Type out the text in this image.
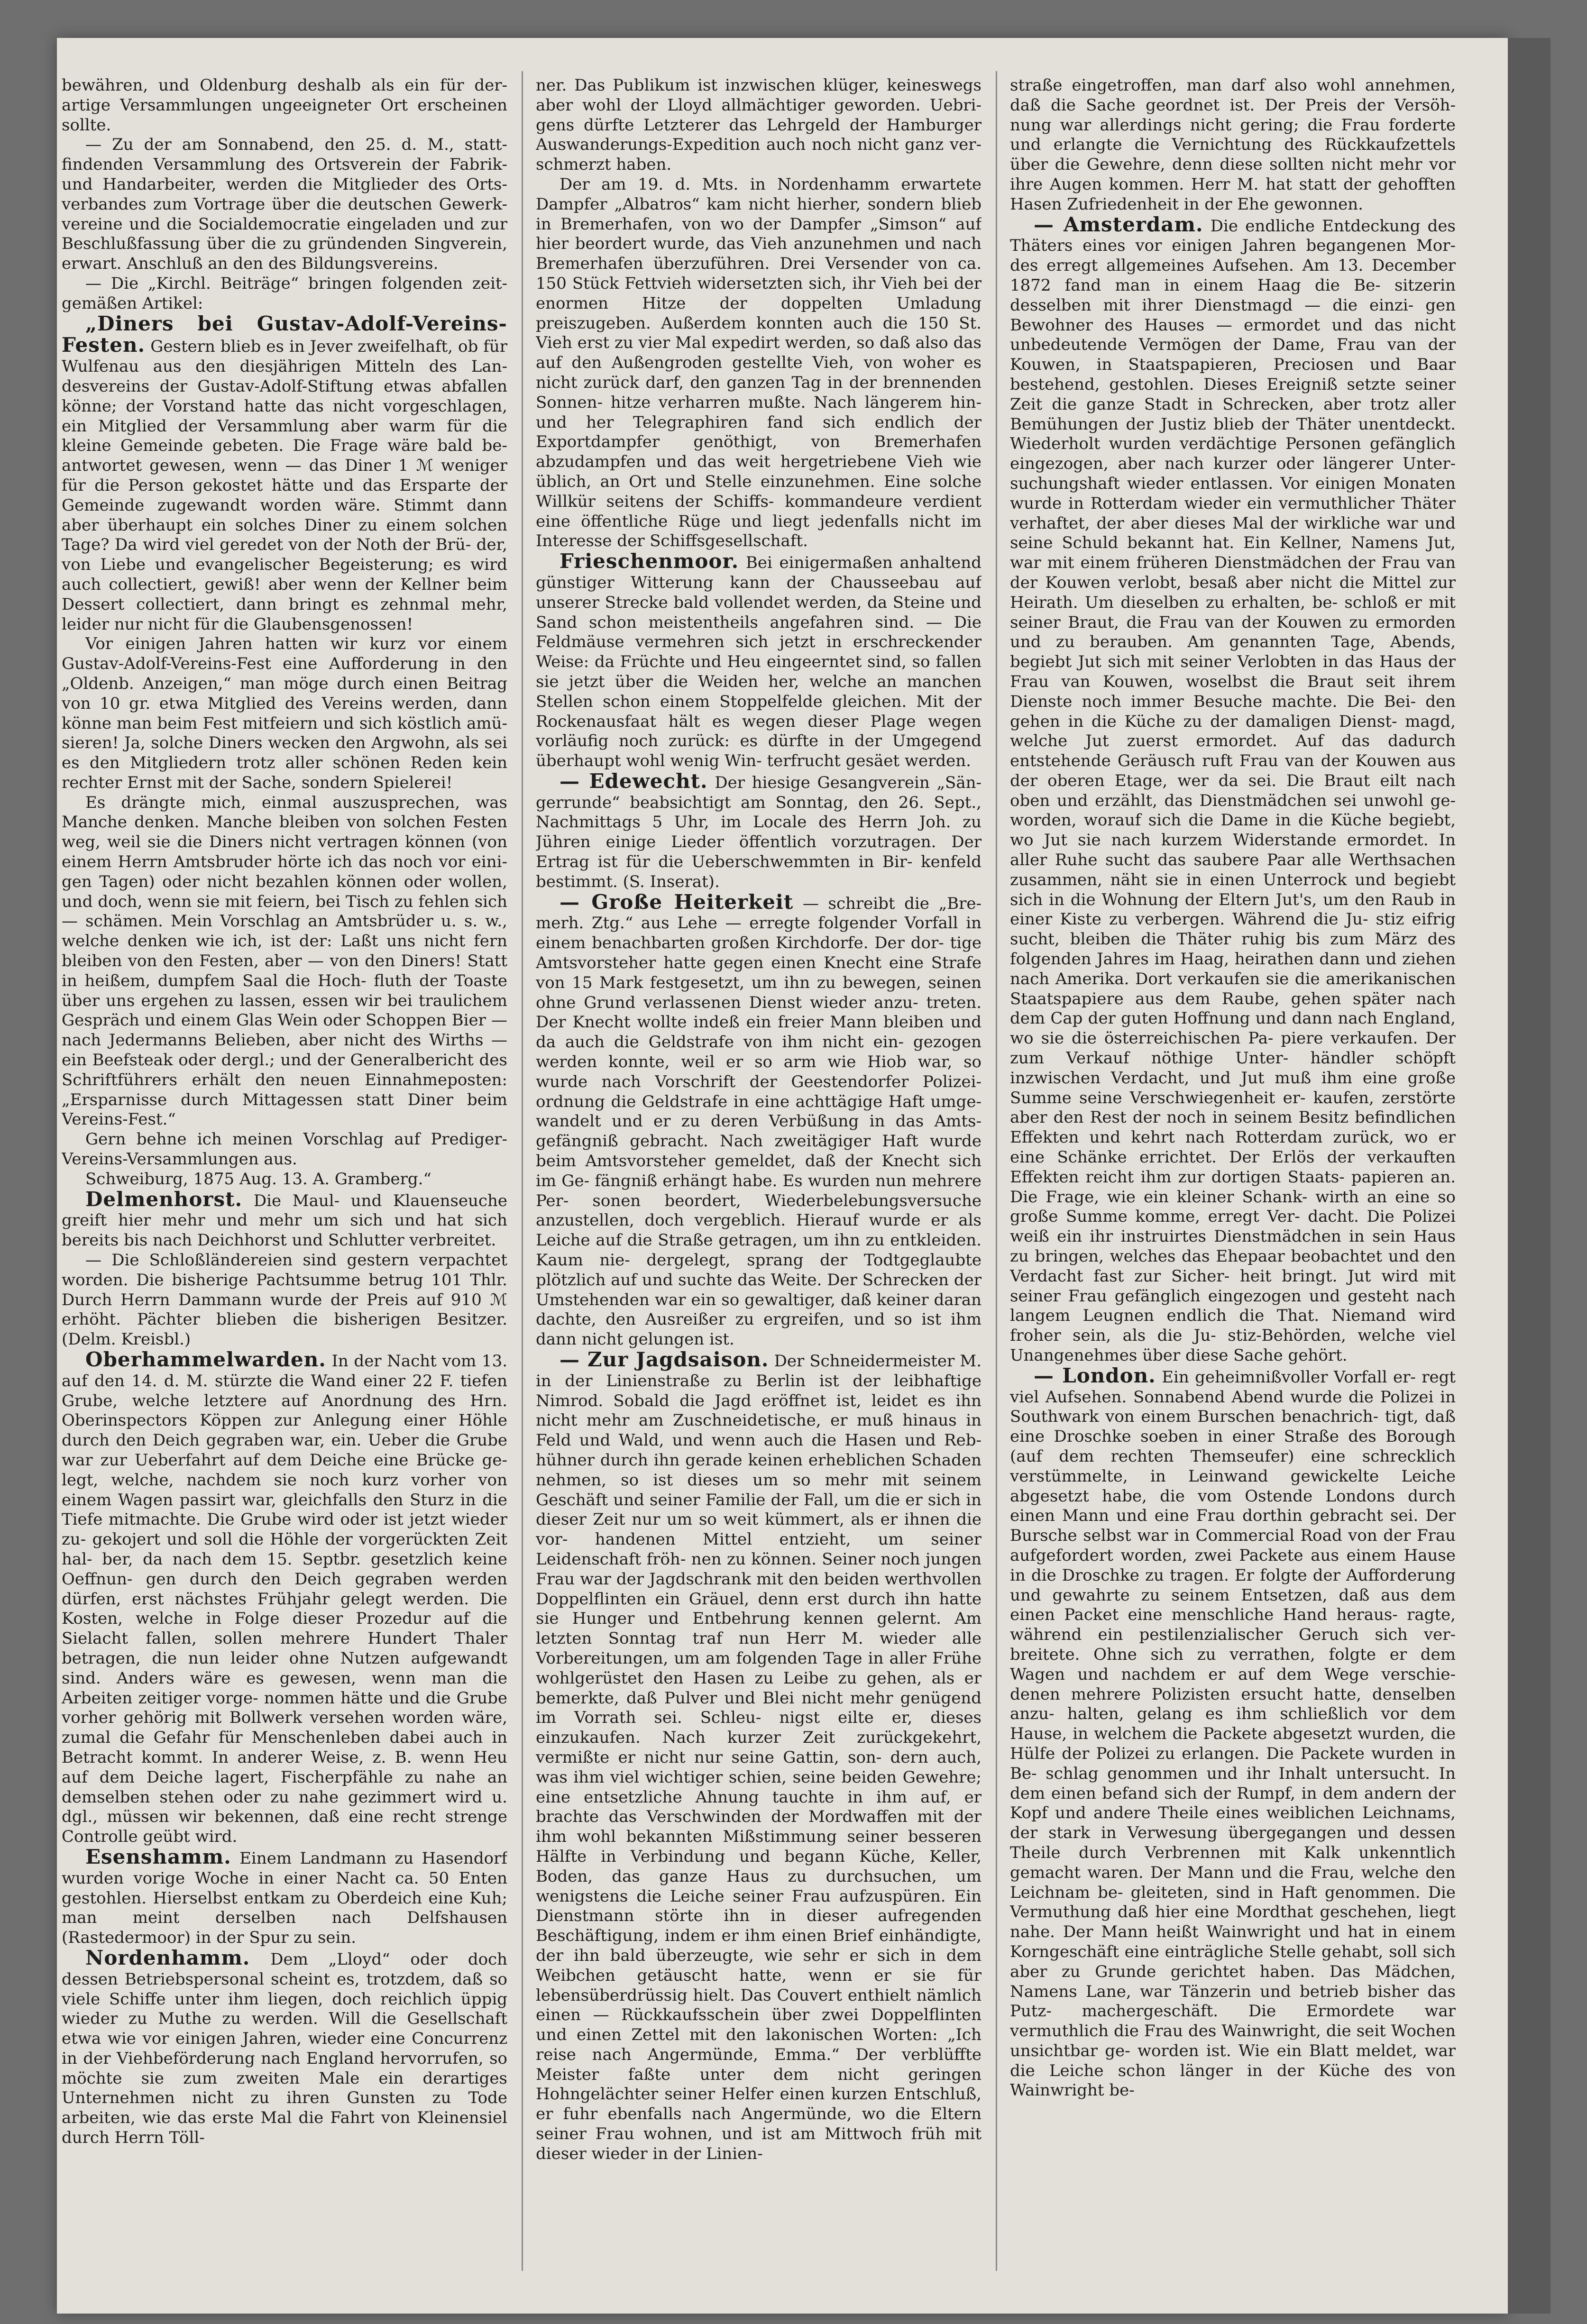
bewähren, und Oldenburg deshalb als ein für der- artige Versammlungen ungeeigneter Ort erscheinen sollte.

— Zu der am Sonnabend, den 25. d. M., statt- findenden Versammlung des Ortsverein der Fabrik- und Handarbeiter, werden die Mitglieder des Orts- verbandes zum Vortrage über die deutschen Gewerk- vereine und die Socialdemocratie eingeladen und zur Beschlußfassung über die zu gründenden Singverein, erwart. Anschluß an den des Bildungsvereins.

— Die „Kirchl. Beiträge“ bringen folgenden zeit- gemäßen Artikel:

„Diners bei Gustav-Adolf-Vereins- Festen. Gestern blieb es in Jever zweifelhaft, ob für Wulfenau aus den diesjährigen Mitteln des Lan- desvereins der Gustav-Adolf-Stiftung etwas abfallen könne; der Vorstand hatte das nicht vorgeschlagen, ein Mitglied der Versammlung aber warm für die kleine Gemeinde gebeten. Die Frage wäre bald be- antwortet gewesen, wenn — das Diner 1 ℳ weniger für die Person gekostet hätte und das Ersparte der Gemeinde zugewandt worden wäre. Stimmt dann aber überhaupt ein solches Diner zu einem solchen Tage? Da wird viel geredet von der Noth der Brü- der, von Liebe und evangelischer Begeisterung; es wird auch collectiert, gewiß! aber wenn der Kellner beim Dessert collectiert, dann bringt es zehnmal mehr, leider nur nicht für die Glaubensgenossen!

Vor einigen Jahren hatten wir kurz vor einem Gustav-Adolf-Vereins-Fest eine Aufforderung in den „Oldenb. Anzeigen,“ man möge durch einen Beitrag von 10 gr. etwa Mitglied des Vereins werden, dann könne man beim Fest mitfeiern und sich köstlich amü- sieren! Ja, solche Diners wecken den Argwohn, als sei es den Mitgliedern trotz aller schönen Reden kein rechter Ernst mit der Sache, sondern Spielerei!

Es drängte mich, einmal auszusprechen, was Manche denken. Manche bleiben von solchen Festen weg, weil sie die Diners nicht vertragen können (von einem Herrn Amtsbruder hörte ich das noch vor eini- gen Tagen) oder nicht bezahlen können oder wollen, und doch, wenn sie mit feiern, bei Tisch zu fehlen sich — schämen. Mein Vorschlag an Amtsbrüder u. s. w., welche denken wie ich, ist der: Laßt uns nicht fern bleiben von den Festen, aber — von den Diners! Statt in heißem, dumpfem Saal die Hoch- fluth der Toaste über uns ergehen zu lassen, essen wir bei traulichem Gespräch und einem Glas Wein oder Schoppen Bier — nach Jedermanns Belieben, aber nicht des Wirths — ein Beefsteak oder dergl.; und der Generalbericht des Schriftführers erhält den neuen Einnahmeposten: „Ersparnisse durch Mittagessen statt Diner beim Vereins-Fest.“

Gern behne ich meinen Vorschlag auf Prediger- Vereins-Versammlungen aus.

Schweiburg, 1875 Aug. 13. A. Gramberg.“

Delmenhorst. Die Maul- und Klauenseuche greift hier mehr und mehr um sich und hat sich bereits bis nach Deichhorst und Schlutter verbreitet.

— Die Schloßländereien sind gestern verpachtet worden. Die bisherige Pachtsumme betrug 101 Thlr. Durch Herrn Dammann wurde der Preis auf 910 ℳ erhöht. Pächter blieben die bisherigen Besitzer. (Delm. Kreisbl.)

Oberhammelwarden. In der Nacht vom 13. auf den 14. d. M. stürzte die Wand einer 22 F. tiefen Grube, welche letztere auf Anordnung des Hrn. Oberinspectors Köppen zur Anlegung einer Höhle durch den Deich gegraben war, ein. Ueber die Grube war zur Ueberfahrt auf dem Deiche eine Brücke ge- legt, welche, nachdem sie noch kurz vorher von einem Wagen passirt war, gleichfalls den Sturz in die Tiefe mitmachte. Die Grube wird oder ist jetzt wieder zu- gekojert und soll die Höhle der vorgerückten Zeit hal- ber, da nach dem 15. Septbr. gesetzlich keine Oeffnun- gen durch den Deich gegraben werden dürfen, erst nächstes Frühjahr gelegt werden. Die Kosten, welche in Folge dieser Prozedur auf die Sielacht fallen, sollen mehrere Hundert Thaler betragen, die nun leider ohne Nutzen aufgewandt sind. Anders wäre es gewesen, wenn man die Arbeiten zeitiger vorge- nommen hätte und die Grube vorher gehörig mit Bollwerk versehen worden wäre, zumal die Gefahr für Menschenleben dabei auch in Betracht kommt. In anderer Weise, z. B. wenn Heu auf dem Deiche lagert, Fischerpfähle zu nahe an demselben stehen oder zu nahe gezimmert wird u. dgl., müssen wir bekennen, daß eine recht strenge Controlle geübt wird.

Esenshamm. Einem Landmann zu Hasendorf wurden vorige Woche in einer Nacht ca. 50 Enten gestohlen. Hierselbst entkam zu Oberdeich eine Kuh; man meint derselben nach Delfshausen (Rastedermoor) in der Spur zu sein.

Nordenhamm. Dem „Lloyd“ oder doch dessen Betriebspersonal scheint es, trotzdem, daß so viele Schiffe unter ihm liegen, doch reichlich üppig wieder zu Muthe zu werden. Will die Gesellschaft etwa wie vor einigen Jahren, wieder eine Concurrenz in der Viehbeförderung nach England hervorrufen, so möchte sie zum zweiten Male ein derartiges Unternehmen nicht zu ihren Gunsten zu Tode arbeiten, wie das erste Mal die Fahrt von Kleinensiel durch Herrn Töll-

ner. Das Publikum ist inzwischen klüger, keineswegs aber wohl der Lloyd allmächtiger geworden. Uebri- gens dürfte Letzterer das Lehrgeld der Hamburger Auswanderungs-Expedition auch noch nicht ganz ver- schmerzt haben.

Der am 19. d. Mts. in Nordenhamm erwartete Dampfer „Albatros“ kam nicht hierher, sondern blieb in Bremerhafen, von wo der Dampfer „Simson“ auf hier beordert wurde, das Vieh anzunehmen und nach Bremerhafen überzuführen. Drei Versender von ca. 150 Stück Fettvieh widersetzten sich, ihr Vieh bei der enormen Hitze der doppelten Umladung preiszugeben. Außerdem konnten auch die 150 St. Vieh erst zu vier Mal expedirt werden, so daß also das auf den Außengroden gestellte Vieh, von woher es nicht zurück darf, den ganzen Tag in der brennenden Sonnen- hitze verharren mußte. Nach längerem hin- und her Telegraphiren fand sich endlich der Exportdampfer genöthigt, von Bremerhafen abzudampfen und das weit hergetriebene Vieh wie üblich, an Ort und Stelle einzunehmen. Eine solche Willkür seitens der Schiffs- kommandeure verdient eine öffentliche Rüge und liegt jedenfalls nicht im Interesse der Schiffsgesellschaft.

Frieschenmoor. Bei einigermaßen anhaltend günstiger Witterung kann der Chausseebau auf unserer Strecke bald vollendet werden, da Steine und Sand schon meistentheils angefahren sind. — Die Feldmäuse vermehren sich jetzt in erschreckender Weise: da Früchte und Heu eingeerntet sind, so fallen sie jetzt über die Weiden her, welche an manchen Stellen schon einem Stoppelfelde gleichen. Mit der Rockenausfaat hält es wegen dieser Plage wegen vorläufig noch zurück: es dürfte in der Umgegend überhaupt wohl wenig Win- terfrucht gesäet werden.

— Edewecht. Der hiesige Gesangverein „Sän- gerrunde“ beabsichtigt am Sonntag, den 26. Sept., Nachmittags 5 Uhr, im Locale des Herrn Joh. zu Jühren einige Lieder öffentlich vorzutragen. Der Ertrag ist für die Ueberschwemmten in Bir- kenfeld bestimmt. (S. Inserat).

— Große Heiterkeit — schreibt die „Bre- merh. Ztg.“ aus Lehe — erregte folgender Vorfall in einem benachbarten großen Kirchdorfe. Der dor- tige Amtsvorsteher hatte gegen einen Knecht eine Strafe von 15 Mark festgesetzt, um ihn zu bewegen, seinen ohne Grund verlassenen Dienst wieder anzu- treten. Der Knecht wollte indeß ein freier Mann bleiben und da auch die Geldstrafe von ihm nicht ein- gezogen werden konnte, weil er so arm wie Hiob war, so wurde nach Vorschrift der Geestendorfer Polizei- ordnung die Geldstrafe in eine achttägige Haft umge- wandelt und er zu deren Verbüßung in das Amts- gefängniß gebracht. Nach zweitägiger Haft wurde beim Amtsvorsteher gemeldet, daß der Knecht sich im Ge- fängniß erhängt habe. Es wurden nun mehrere Per- sonen beordert, Wiederbelebungsversuche anzustellen, doch vergeblich. Hierauf wurde er als Leiche auf die Straße getragen, um ihn zu entkleiden. Kaum nie- dergelegt, sprang der Todtgeglaubte plötzlich auf und suchte das Weite. Der Schrecken der Umstehenden war ein so gewaltiger, daß keiner daran dachte, den Ausreißer zu ergreifen, und so ist ihm dann nicht gelungen ist.

— Zur Jagdsaison. Der Schneidermeister M. in der Linienstraße zu Berlin ist der leibhaftige Nimrod. Sobald die Jagd eröffnet ist, leidet es ihn nicht mehr am Zuschneidetische, er muß hinaus in Feld und Wald, und wenn auch die Hasen und Reb- hühner durch ihn gerade keinen erheblichen Schaden nehmen, so ist dieses um so mehr mit seinem Geschäft und seiner Familie der Fall, um die er sich in dieser Zeit nur um so weit kümmert, als er ihnen die vor- handenen Mittel entzieht, um seiner Leidenschaft fröh- nen zu können. Seiner noch jungen Frau war der Jagdschrank mit den beiden werthvollen Doppelflinten ein Gräuel, denn erst durch ihn hatte sie Hunger und Entbehrung kennen gelernt. Am letzten Sonntag traf nun Herr M. wieder alle Vorbereitungen, um am folgenden Tage in aller Frühe wohlgerüstet den Hasen zu Leibe zu gehen, als er bemerkte, daß Pulver und Blei nicht mehr genügend im Vorrath sei. Schleu- nigst eilte er, dieses einzukaufen. Nach kurzer Zeit zurückgekehrt, vermißte er nicht nur seine Gattin, son- dern auch, was ihm viel wichtiger schien, seine beiden Gewehre; eine entsetzliche Ahnung tauchte in ihm auf, er brachte das Verschwinden der Mordwaffen mit der ihm wohl bekannten Mißstimmung seiner besseren Hälfte in Verbindung und begann Küche, Keller, Boden, das ganze Haus zu durchsuchen, um wenigstens die Leiche seiner Frau aufzuspüren. Ein Dienstmann störte ihn in dieser aufregenden Beschäftigung, indem er ihm einen Brief einhändigte, der ihn bald überzeugte, wie sehr er sich in dem Weibchen getäuscht hatte, wenn er sie für lebensüberdrüssig hielt. Das Couvert enthielt nämlich einen — Rückkaufsschein über zwei Doppelflinten und einen Zettel mit den lakonischen Worten: „Ich reise nach Angermünde, Emma.“ Der verblüffte Meister faßte unter dem nicht geringen Hohngelächter seiner Helfer einen kurzen Entschluß, er fuhr ebenfalls nach Angermünde, wo die Eltern seiner Frau wohnen, und ist am Mittwoch früh mit dieser wieder in der Linien-

straße eingetroffen, man darf also wohl annehmen, daß die Sache geordnet ist. Der Preis der Versöh- nung war allerdings nicht gering; die Frau forderte und erlangte die Vernichtung des Rückkaufzettels über die Gewehre, denn diese sollten nicht mehr vor ihre Augen kommen. Herr M. hat statt der gehofften Hasen Zufriedenheit in der Ehe gewonnen.

— Amsterdam. Die endliche Entdeckung des Thäters eines vor einigen Jahren begangenen Mor- des erregt allgemeines Aufsehen. Am 13. December 1872 fand man in einem Haag die Be- sitzerin desselben mit ihrer Dienstmagd — die einzi- gen Bewohner des Hauses — ermordet und das nicht unbedeutende Vermögen der Dame, Frau van der Kouwen, in Staatspapieren, Preciosen und Baar bestehend, gestohlen. Dieses Ereigniß setzte seiner Zeit die ganze Stadt in Schrecken, aber trotz aller Bemühungen der Justiz blieb der Thäter unentdeckt. Wiederholt wurden verdächtige Personen gefänglich eingezogen, aber nach kurzer oder längerer Unter- suchungshaft wieder entlassen. Vor einigen Monaten wurde in Rotterdam wieder ein vermuthlicher Thäter verhaftet, der aber dieses Mal der wirkliche war und seine Schuld bekannt hat. Ein Kellner, Namens Jut, war mit einem früheren Dienstmädchen der Frau van der Kouwen verlobt, besaß aber nicht die Mittel zur Heirath. Um dieselben zu erhalten, be- schloß er mit seiner Braut, die Frau van der Kouwen zu ermorden und zu berauben. Am genannten Tage, Abends, begiebt Jut sich mit seiner Verlobten in das Haus der Frau van Kouwen, woselbst die Braut seit ihrem Dienste noch immer Besuche machte. Die Bei- den gehen in die Küche zu der damaligen Dienst- magd, welche Jut zuerst ermordet. Auf das dadurch entstehende Geräusch ruft Frau van der Kouwen aus der oberen Etage, wer da sei. Die Braut eilt nach oben und erzählt, das Dienstmädchen sei unwohl ge- worden, worauf sich die Dame in die Küche begiebt, wo Jut sie nach kurzem Widerstande ermordet. In aller Ruhe sucht das saubere Paar alle Werthsachen zusammen, näht sie in einen Unterrock und begiebt sich in die Wohnung der Eltern Jut's, um den Raub in einer Kiste zu verbergen. Während die Ju- stiz eifrig sucht, bleiben die Thäter ruhig bis zum März des folgenden Jahres im Haag, heirathen dann und ziehen nach Amerika. Dort verkaufen sie die amerikanischen Staatspapiere aus dem Raube, gehen später nach dem Cap der guten Hoffnung und dann nach England, wo sie die österreichischen Pa- piere verkaufen. Der zum Verkauf nöthige Unter- händler schöpft inzwischen Verdacht, und Jut muß ihm eine große Summe seine Verschwiegenheit er- kaufen, zerstörte aber den Rest der noch in seinem Besitz befindlichen Effekten und kehrt nach Rotterdam zurück, wo er eine Schänke errichtet. Der Erlös der verkauften Effekten reicht ihm zur dortigen Staats- papieren an. Die Frage, wie ein kleiner Schank- wirth an eine so große Summe komme, erregt Ver- dacht. Die Polizei weiß ein ihr instruirtes Dienstmädchen in sein Haus zu bringen, welches das Ehepaar beobachtet und den Verdacht fast zur Sicher- heit bringt. Jut wird mit seiner Frau gefänglich eingezogen und gesteht nach langem Leugnen endlich die That. Niemand wird froher sein, als die Ju- stiz-Behörden, welche viel Unangenehmes über diese Sache gehört.

— London. Ein geheimnißvoller Vorfall er- regt viel Aufsehen. Sonnabend Abend wurde die Polizei in Southwark von einem Burschen benachrich- tigt, daß eine Droschke soeben in einer Straße des Borough (auf dem rechten Themseufer) eine schrecklich verstümmelte, in Leinwand gewickelte Leiche abgesetzt habe, die vom Ostende Londons durch einen Mann und eine Frau dorthin gebracht sei. Der Bursche selbst war in Commercial Road von der Frau aufgefordert worden, zwei Packete aus einem Hause in die Droschke zu tragen. Er folgte der Aufforderung und gewahrte zu seinem Entsetzen, daß aus dem einen Packet eine menschliche Hand heraus- ragte, während ein pestilenzialischer Geruch sich ver- breitete. Ohne sich zu verrathen, folgte er dem Wagen und nachdem er auf dem Wege verschie- denen mehrere Polizisten ersucht hatte, denselben anzu- halten, gelang es ihm schließlich vor dem Hause, in welchem die Packete abgesetzt wurden, die Hülfe der Polizei zu erlangen. Die Packete wurden in Be- schlag genommen und ihr Inhalt untersucht. In dem einen befand sich der Rumpf, in dem andern der Kopf und andere Theile eines weiblichen Leichnams, der stark in Verwesung übergegangen und dessen Theile durch Verbrennen mit Kalk unkenntlich gemacht waren. Der Mann und die Frau, welche den Leichnam be- gleiteten, sind in Haft genommen. Die Vermuthung daß hier eine Mordthat geschehen, liegt nahe. Der Mann heißt Wainwright und hat in einem Korngeschäft eine einträgliche Stelle gehabt, soll sich aber zu Grunde gerichtet haben. Das Mädchen, Namens Lane, war Tänzerin und betrieb bisher das Putz- machergeschäft. Die Ermordete war vermuthlich die Frau des Wainwright, die seit Wochen unsichtbar ge- worden ist. Wie ein Blatt meldet, war die Leiche schon länger in der Küche des von Wainwright be-
